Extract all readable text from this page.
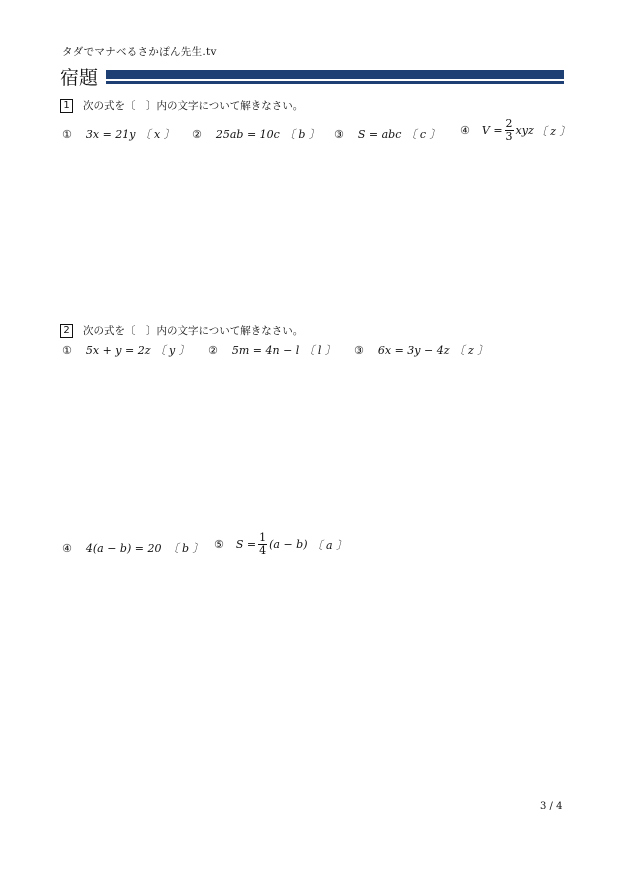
タダでマナベるさかぽん先生.tv
宿題
1	次の式を〔　〕内の文字について解きなさい。
① 3x = 21y 〔 x 〕 ② 25ab = 10c 〔 b 〕 ③ S = abc 〔 c 〕 ④ $V = \frac{2}{3}$ xyz 〔 z 〕
2	次の式を〔　〕内の文字について解きなさい。
① 5x + y = 2z 〔 y 〕 ② 5m = 4n − l 〔 l 〕 ③ 6x = 3y − 4z 〔 z 〕
④ 4(a − b) = 20 〔 b 〕 ⑤ $S = \frac{1}{4} (a - b)$ 〔 a 〕
3 / 4
